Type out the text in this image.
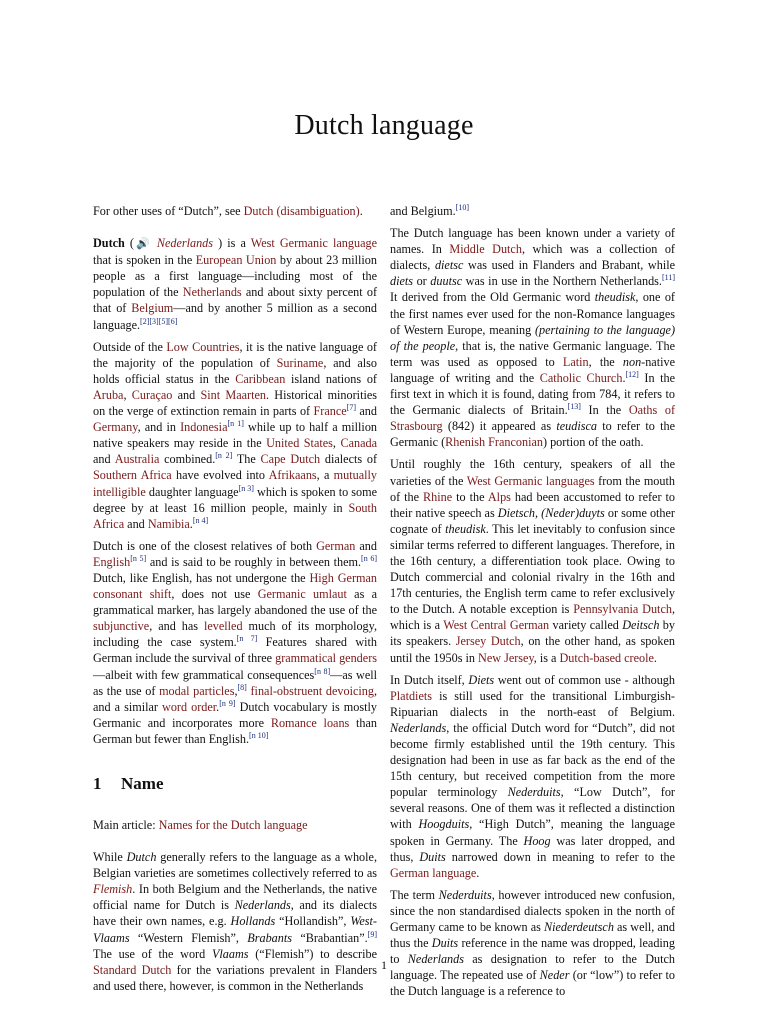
Dutch language

For other uses of “Dutch”, see Dutch (disambiguation).

Dutch (🔊 Nederlands ) is a West Germanic language that is spoken in the European Union by about 23 million people as a first language—including most of the population of the Netherlands and about sixty percent of that of Belgium—and by another 5 million as a second language.[2][3][5][6]

Outside of the Low Countries, it is the native language of the majority of the population of Suriname, and also holds official status in the Caribbean island nations of Aruba, Curaçao and Sint Maarten. Historical minorities on the verge of extinction remain in parts of France[7] and Germany, and in Indonesia[n 1] while up to half a million native speakers may reside in the United States, Canada and Australia combined.[n 2] The Cape Dutch dialects of Southern Africa have evolved into Afrikaans, a mutually intelligible daughter language[n 3] which is spoken to some degree by at least 16 million people, mainly in South Africa and Namibia.[n 4]

Dutch is one of the closest relatives of both German and English[n 5] and is said to be roughly in between them.[n 6] Dutch, like English, has not undergone the High German consonant shift, does not use Germanic umlaut as a grammatical marker, has largely abandoned the use of the subjunctive, and has levelled much of its morphology, including the case system.[n 7] Features shared with German include the survival of three grammatical genders—albeit with few grammatical consequences[n 8]—as well as the use of modal particles,[8] final-obstruent devoicing, and a similar word order.[n 9] Dutch vocabulary is mostly Germanic and incorporates more Romance loans than German but fewer than English.[n 10]

1 Name

Main article: Names for the Dutch language

While Dutch generally refers to the language as a whole, Belgian varieties are sometimes collectively referred to as Flemish. In both Belgium and the Netherlands, the native official name for Dutch is Nederlands, and its dialects have their own names, e.g. Hollands “Hollandish”, West-Vlaams “Western Flemish”, Brabants “Brabantian”.[9] The use of the word Vlaams (“Flemish”) to describe Standard Dutch for the variations prevalent in Flanders and used there, however, is common in the Netherlands

and Belgium.[10]

The Dutch language has been known under a variety of names. In Middle Dutch, which was a collection of dialects, dietsc was used in Flanders and Brabant, while diets or duutsc was in use in the Northern Netherlands.[11] It derived from the Old Germanic word theudisk, one of the first names ever used for the non-Romance languages of Western Europe, meaning (pertaining to the language) of the people, that is, the native Germanic language. The term was used as opposed to Latin, the non-native language of writing and the Catholic Church.[12] In the first text in which it is found, dating from 784, it refers to the Germanic dialects of Britain.[13] In the Oaths of Strasbourg (842) it appeared as teudisca to refer to the Germanic (Rhenish Franconian) portion of the oath.

Until roughly the 16th century, speakers of all the varieties of the West Germanic languages from the mouth of the Rhine to the Alps had been accustomed to refer to their native speech as Dietsch, (Neder)duyts or some other cognate of theudisk. This let inevitably to confusion since similar terms referred to different languages. Therefore, in the 16th century, a differentiation took place. Owing to Dutch commercial and colonial rivalry in the 16th and 17th centuries, the English term came to refer exclusively to the Dutch. A notable exception is Pennsylvania Dutch, which is a West Central German variety called Deitsch by its speakers. Jersey Dutch, on the other hand, as spoken until the 1950s in New Jersey, is a Dutch-based creole.

In Dutch itself, Diets went out of common use - although Platdiets is still used for the transitional Limburgish-Ripuarian dialects in the north-east of Belgium. Nederlands, the official Dutch word for “Dutch”, did not become firmly established until the 19th century. This designation had been in use as far back as the end of the 15th century, but received competition from the more popular terminology Nederduits, “Low Dutch”, for several reasons. One of them was it reflected a distinction with Hoogduits, “High Dutch”, meaning the language spoken in Germany. The Hoog was later dropped, and thus, Duits narrowed down in meaning to refer to the German language.

The term Nederduits, however introduced new confusion, since the non standardised dialects spoken in the north of Germany came to be known as Niederdeutsch as well, and thus the Duits reference in the name was dropped, leading to Nederlands as designation to refer to the Dutch language. The repeated use of Neder (or “low”) to refer to the Dutch language is a reference to

1
